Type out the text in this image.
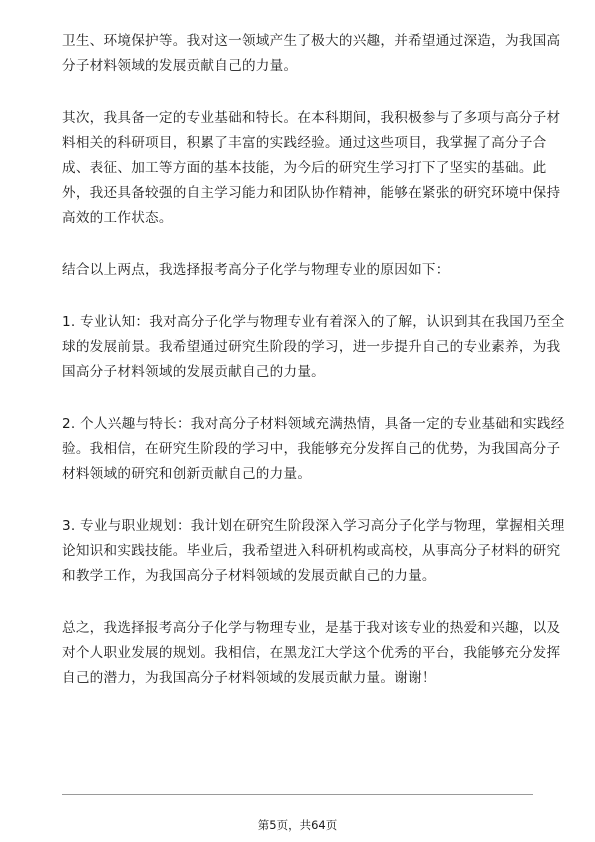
卫生、环境保护等。我对这一领域产生了极大的兴趣，并希望通过深造，为我国高
分子材料领域的发展贡献自己的力量。

其次，我具备一定的专业基础和特长。在本科期间，我积极参与了多项与高分子材
料相关的科研项目，积累了丰富的实践经验。通过这些项目，我掌握了高分子合
成、表征、加工等方面的基本技能，为今后的研究生学习打下了坚实的基础。此
外，我还具备较强的自主学习能力和团队协作精神，能够在紧张的研究环境中保持
高效的工作状态。

结合以上两点，我选择报考高分子化学与物理专业的原因如下：

1. 专业认知：我对高分子化学与物理专业有着深入的了解，认识到其在我国乃至全
球的发展前景。我希望通过研究生阶段的学习，进一步提升自己的专业素养，为我
国高分子材料领域的发展贡献自己的力量。

2. 个人兴趣与特长：我对高分子材料领域充满热情，具备一定的专业基础和实践经
验。我相信，在研究生阶段的学习中，我能够充分发挥自己的优势，为我国高分子
材料领域的研究和创新贡献自己的力量。

3. 专业与职业规划：我计划在研究生阶段深入学习高分子化学与物理，掌握相关理
论知识和实践技能。毕业后，我希望进入科研机构或高校，从事高分子材料的研究
和教学工作，为我国高分子材料领域的发展贡献自己的力量。

总之，我选择报考高分子化学与物理专业，是基于我对该专业的热爱和兴趣，以及
对个人职业发展的规划。我相信，在黑龙江大学这个优秀的平台，我能够充分发挥
自己的潜力，为我国高分子材料领域的发展贡献力量。谢谢！

第5页，共64页
